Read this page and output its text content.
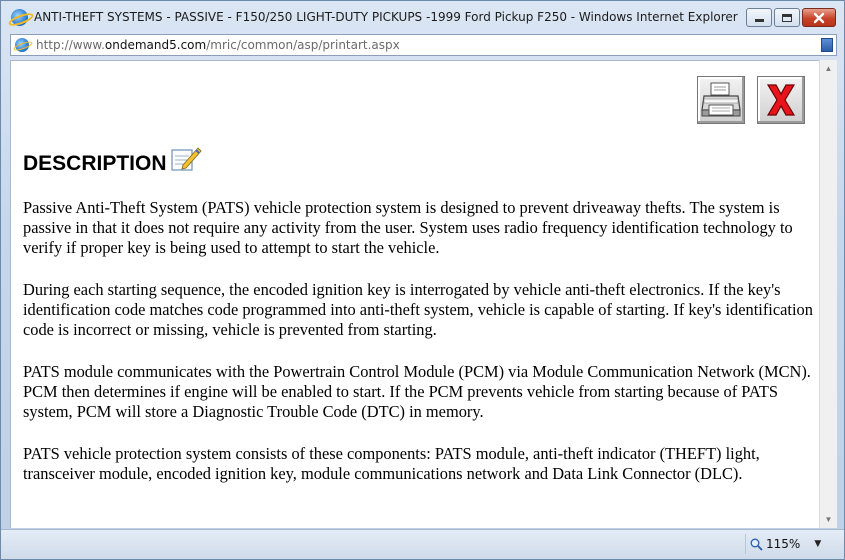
ANTI-THEFT SYSTEMS - PASSIVE - F150/250 LIGHT-DUTY PICKUPS -1999 Ford Pickup F250 - Windows Internet Explorer
http://www.ondemand5.com/mric/common/asp/printart.aspx
DESCRIPTION

Passive Anti-Theft System (PATS) vehicle protection system is designed to prevent driveaway thefts. The system is passive in that it does not require any activity from the user. System uses radio frequency identification technology to verify if proper key is being used to attempt to start the vehicle.

During each starting sequence, the encoded ignition key is interrogated by vehicle anti-theft electronics. If the key's identification code matches code programmed into anti-theft system, vehicle is capable of starting. If key's identification code is incorrect or missing, vehicle is prevented from starting.

PATS module communicates with the Powertrain Control Module (PCM) via Module Communication Network (MCN). PCM then determines if engine will be enabled to start. If the PCM prevents vehicle from starting because of PATS system, PCM will store a Diagnostic Trouble Code (DTC) in memory.

PATS vehicle protection system consists of these components: PATS module, anti-theft indicator (THEFT) light, transceiver module, encoded ignition key, module communications network and Data Link Connector (DLC).

▲
▼
115% ▼
